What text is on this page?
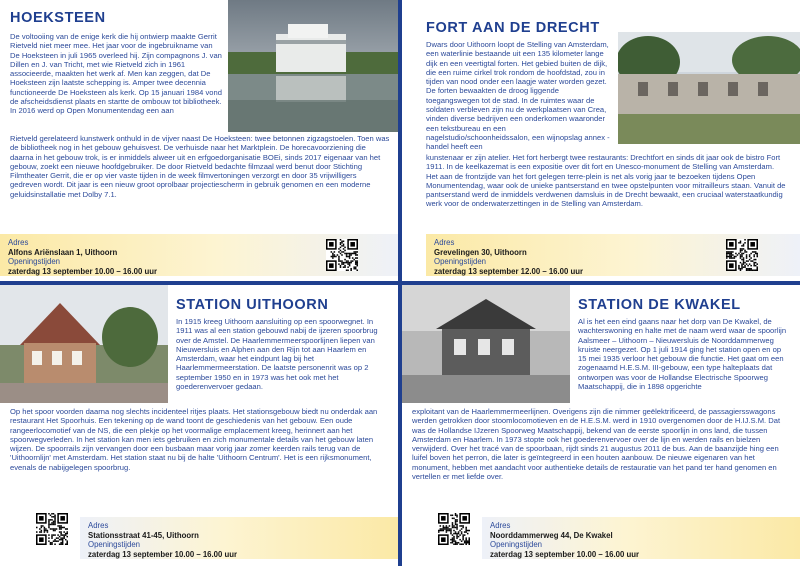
HOEKSTEEN
De voltooiing van de enige kerk die hij ontwierp maakte Gerrit Rietveld niet meer mee. Het jaar voor de ingebruikname van De Hoeksteen in juli 1965 overleed hij. Zijn compagnons J. van Dillen en J. van Tricht, met wie Rietveld zich in 1961 associeerde, maakten het werk af. Men kan zeggen, dat De Hoeksteen zijn laatste schepping is. Amper twee decennia functioneerde De Hoeksteen als kerk. Op 15 januari 1984 vond de afscheidsdienst plaats en startte de ombouw tot bibliotheek. In 2016 werd op Open Monumentendag een aan
Rietveld gerelateerd kunstwerk onthuld in de vijver naast De Hoeksteen: twee betonnen zigzagstoelen. Toen was de bibliotheek nog in het gebouw gehuisvest. De verhuisde naar het Marktplein. De horecavoorziening die daarna in het gebouw trok, is er inmiddels alweer uit en erfgoedorganisatie BOEi, sinds 2017 eigenaar van het gebouw, zoekt een nieuwe hoofdgebruiker. De door Rietveld bedachte filmzaal werd benut door Stichting Filmtheater Gerrit, die er op vier vaste tijden in de week filmvertoningen verzorgt en door 35 vrijwilligers gedreven wordt. Dit jaar is een nieuw groot oprolbaar projectiescherm in gebruik genomen en een moderne geluidsinstallatie met Dolby 7.1.
Adres
Alfons Ariënslaan 1, Uithoorn
Openingstijden
zaterdag 13 september 10.00 – 16.00 uur
FORT AAN DE DRECHT
Dwars door Uithoorn loopt de Stelling van Amsterdam, een waterlinie bestaande uit een 135 kilometer lange dijk en een veertigtal forten. Het gebied buiten de dijk, die een ruime cirkel trok rondom de hoofdstad, zou in tijden van nood onder een laagje water worden gezet. De forten bewaakten de droog liggende toegangswegen tot de stad. In de ruimtes waar de soldaten verbleven zijn nu de werkplaatsen van Crea, vinden diverse bedrijven een onderkomen waaronder een tekstbureau en een nagelstudio/schoonheidssalon, een wijnopslag annex -handel heeft een
kunstenaar er zijn atelier. Het fort herbergt twee restaurants: Drechtfort en sinds dit jaar ook de bistro Fort 1911. In de keelkazemat is een expositie over dit fort en Unesco-monument de Stelling van Amsterdam. Het aan de frontzijde van het fort gelegen terre-plein is net als vorig jaar te bezoeken tijdens Open Monumentendag, waar ook de unieke pantserstand en twee opstelpunten voor mitrailleurs staan. Vanuit de pantserstand werd de inmiddels verdwenen damsluis in de Drecht bewaakt, een cruciaal waterstaatkundig werk voor de onderwaterzettingen in de Stelling van Amsterdam.
Adres
Grevelingen 30, Uithoorn
Openingstijden
zaterdag 13 september 12.00 – 16.00 uur
STATION UITHOORN
In 1915 kreeg Uithoorn aansluiting op een spoorwegnet. In 1911 was al een station gebouwd nabij de ijzeren spoorbrug over de Amstel. De Haarlemmermeerspoorlijnen liepen van Nieuwersluis en Alphen aan den Rijn tot aan Haarlem en Amsterdam, waar het eindpunt lag bij het Haarlemmermeerstation. De laatste personenrit was op 2 september 1950 en in 1973 was het ook met het goederenvervoer gedaan.
Op het spoor voorden daarna nog slechts incidenteel ritjes plaats. Het stationsgebouw biedt nu onderdak aan restaurant Het Spoorhuis. Een tekening op de wand toont de geschiedenis van het gebouw. Een oude rangeerlocomotief van de NS, die een plekje op het voormalige emplacement kreeg, herinnert aan het spoorwegverleden. In het station kan men iets gebruiken en zich monumentale details van het gebouw laten wijzen. De spoorrails zijn vervangen door een busbaan maar vorig jaar zomer keerden rails terug van de 'Uithoornlijn' met Amsterdam. Het station staat nu bij de halte 'Uithoorn Centrum'. Het is een rijksmonument, evenals de nabijgelegen spoorbrug.
Adres
Stationsstraat 41-45, Uithoorn
Openingstijden
zaterdag 13 september 10.00 – 16.00 uur
STATION DE KWAKEL
Al is het een eind gaans naar het dorp van De Kwakel, de wachterswoning en halte met de naam werd waar de spoorlijn Aalsmeer – Uithoorn – Nieuwersluis de Noorddammerweg kruiste neergezet. Op 1 juli 1914 ging het station open en op 15 mei 1935 verloor het gebouw die functie. Het gaat om een zogenaamd H.E.S.M. III-gebouw, een type halteplaats dat ontworpen was voor de Hollandse Electrische Spoorweg Maatschappij, die in 1898 opgerichte
exploitant van de Haarlemmermeerlijnen. Overigens zijn die nimmer geëlektrificeerd, de passagiersswagons werden getrokken door stoomlocomotieven en de H.E.S.M. werd in 1910 overgenomen door de H.IJ.S.M. Dat was de Hollandse IJzeren Spoorweg Maatschappij, bekend van de eerste spoorlijn in ons land, die tussen Amsterdam en Haarlem. In 1973 stopte ook het goederenvervoer over de lijn en werden rails en bielzen verwijderd. Over het tracé van de spoorbaan, rijdt sinds 21 augustus 2011 de bus. Aan de baanzijde hing een luifel boven het perron, die later is geïntegreerd in een houten aanbouw. De nieuwe eigenaren van het monument, hebben met aandacht voor authentieke details de restauratie van het pand ter hand genomen en vertellen er met liefde over.
Adres
Noorddammerweg 44, De Kwakel
Openingstijden
zaterdag 13 september 10.00 – 16.00 uur
